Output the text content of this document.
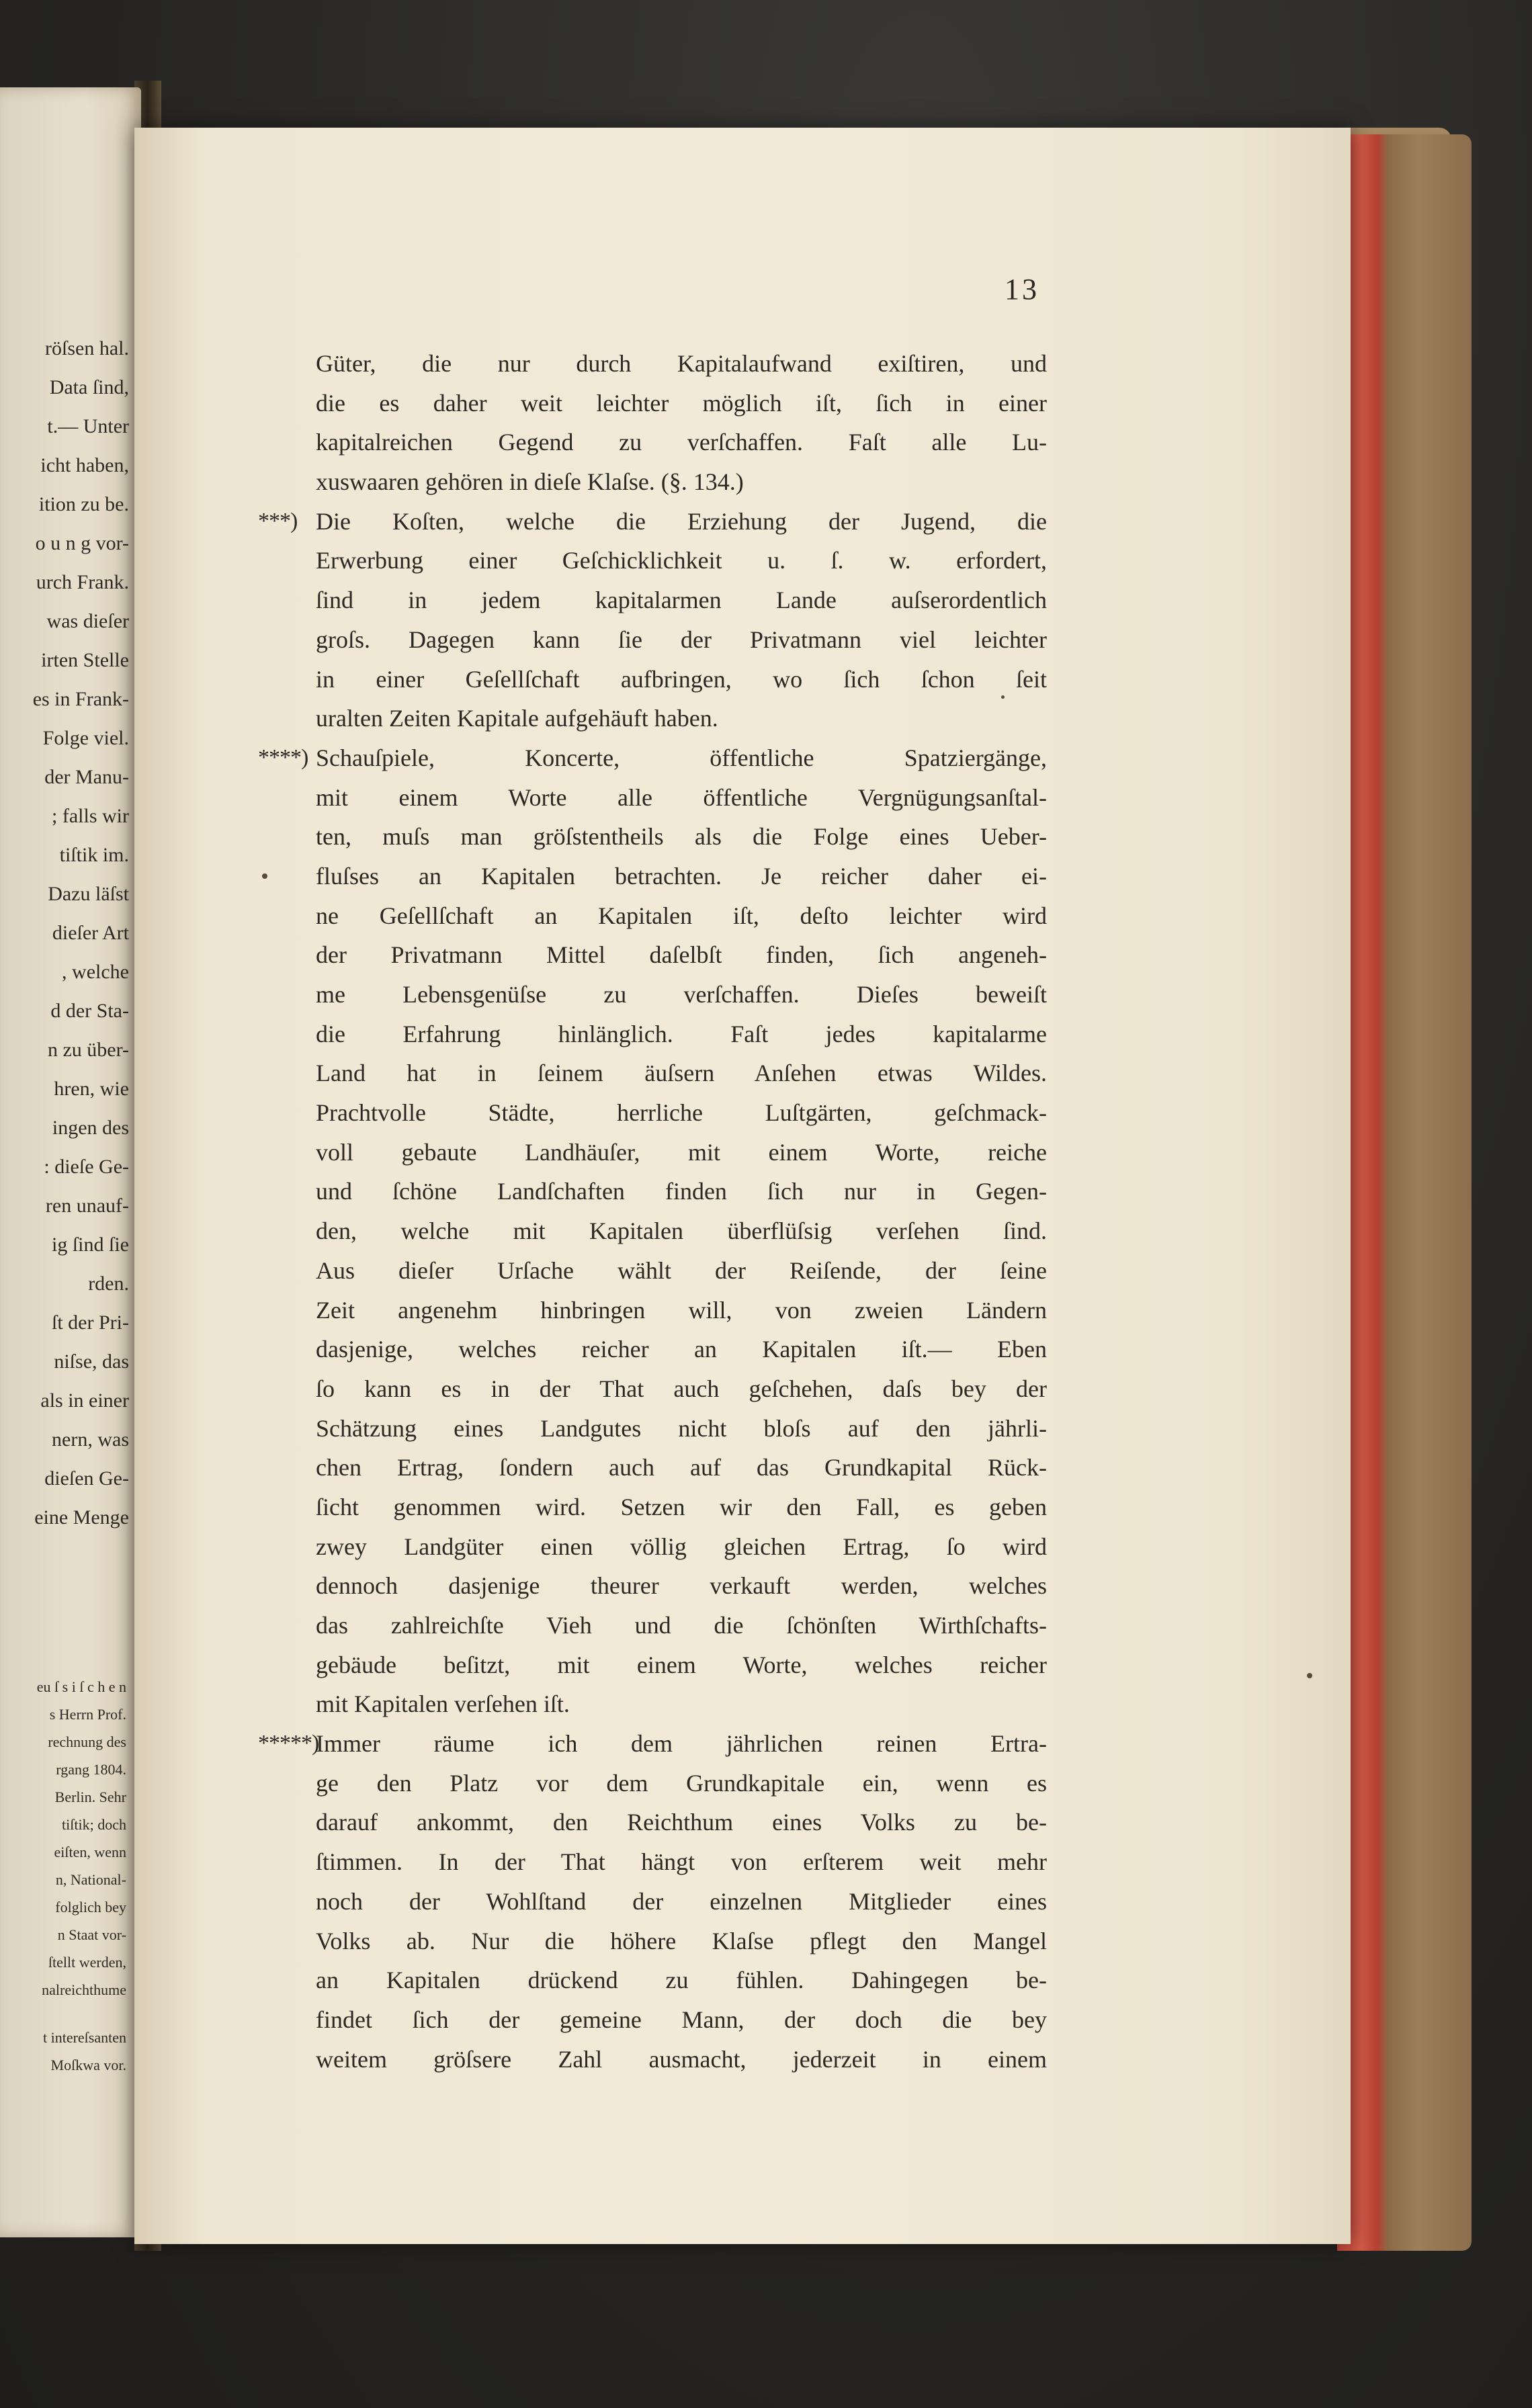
röſsen hal.
Data ſind,
t.— Unter
icht haben,
ition zu be.
o u n g vor-
urch Frank.
was dieſer
irten Stelle
es in Frank-
Folge viel.
der Manu-
; falls wir
tiſtik im.
Dazu läſst
dieſer Art
, welche
d der Sta-
n zu über-
hren, wie
ingen des
: dieſe Ge-
ren unauf-
ig ſind ſie
rden.
ſt der Pri-
niſse, das
als in einer
nern, was
dieſen Ge-
eine Menge
eu ſ s i ſ c h e n
s Herrn Prof.
rechnung des
rgang 1804.
Berlin. Sehr
tiſtik; doch
eiſten, wenn
n, National-
folglich bey
n Staat vor-
ſtellt werden,
nalreichthume
t intereſsanten
Moſkwa vor.
13
Güter, die nur durch Kapitalaufwand exiſtiren, und
die es daher weit leichter möglich iſt, ſich in einer
kapitalreichen Gegend zu verſchaffen. Faſt alle Lu-
xuswaaren gehören in dieſe Klaſse. (§. 134.)
***) Die Koſten, welche die Erziehung der Jugend, die
Erwerbung einer Geſchicklichkeit u. ſ. w. erfordert,
ſind in jedem kapitalarmen Lande auſserordentlich
groſs. Dagegen kann ſie der Privatmann viel leichter
in einer Geſellſchaft aufbringen, wo ſich ſchon ſeit
uralten Zeiten Kapitale aufgehäuft haben.
****) Schauſpiele, Koncerte, öffentliche Spatziergänge,
mit einem Worte alle öffentliche Vergnügungsanſtal-
ten, muſs man gröſstentheils als die Folge eines Ueber-
fluſses an Kapitalen betrachten. Je reicher daher ei-
ne Geſellſchaft an Kapitalen iſt, deſto leichter wird
der Privatmann Mittel daſelbſt finden, ſich angeneh-
me Lebensgenüſse zu verſchaffen. Dieſes beweiſt
die Erfahrung hinlänglich. Faſt jedes kapitalarme
Land hat in ſeinem äuſsern Anſehen etwas Wildes.
Prachtvolle Städte, herrliche Luſtgärten, geſchmack-
voll gebaute Landhäuſer, mit einem Worte, reiche
und ſchöne Landſchaften finden ſich nur in Gegen-
den, welche mit Kapitalen überflüſsig verſehen ſind.
Aus dieſer Urſache wählt der Reiſende, der ſeine
Zeit angenehm hinbringen will, von zweien Ländern
dasjenige, welches reicher an Kapitalen iſt.— Eben
ſo kann es in der That auch geſchehen, daſs bey der
Schätzung eines Landgutes nicht bloſs auf den jährli-
chen Ertrag, ſondern auch auf das Grundkapital Rück-
ſicht genommen wird. Setzen wir den Fall, es geben
zwey Landgüter einen völlig gleichen Ertrag, ſo wird
dennoch dasjenige theurer verkauft werden, welches
das zahlreichſte Vieh und die ſchönſten Wirthſchafts-
gebäude beſitzt, mit einem Worte, welches reicher
mit Kapitalen verſehen iſt.
*****)
Immer räume ich dem jährlichen reinen Ertra-
ge den Platz vor dem Grundkapitale ein, wenn es
darauf ankommt, den Reichthum eines Volks zu be-
ſtimmen. In der That hängt von erſterem weit mehr
noch der Wohlſtand der einzelnen Mitglieder eines
Volks ab. Nur die höhere Klaſse pflegt den Mangel
an Kapitalen drückend zu fühlen. Dahingegen be-
findet ſich der gemeine Mann, der doch die bey
weitem gröſsere Zahl ausmacht, jederzeit in einem
